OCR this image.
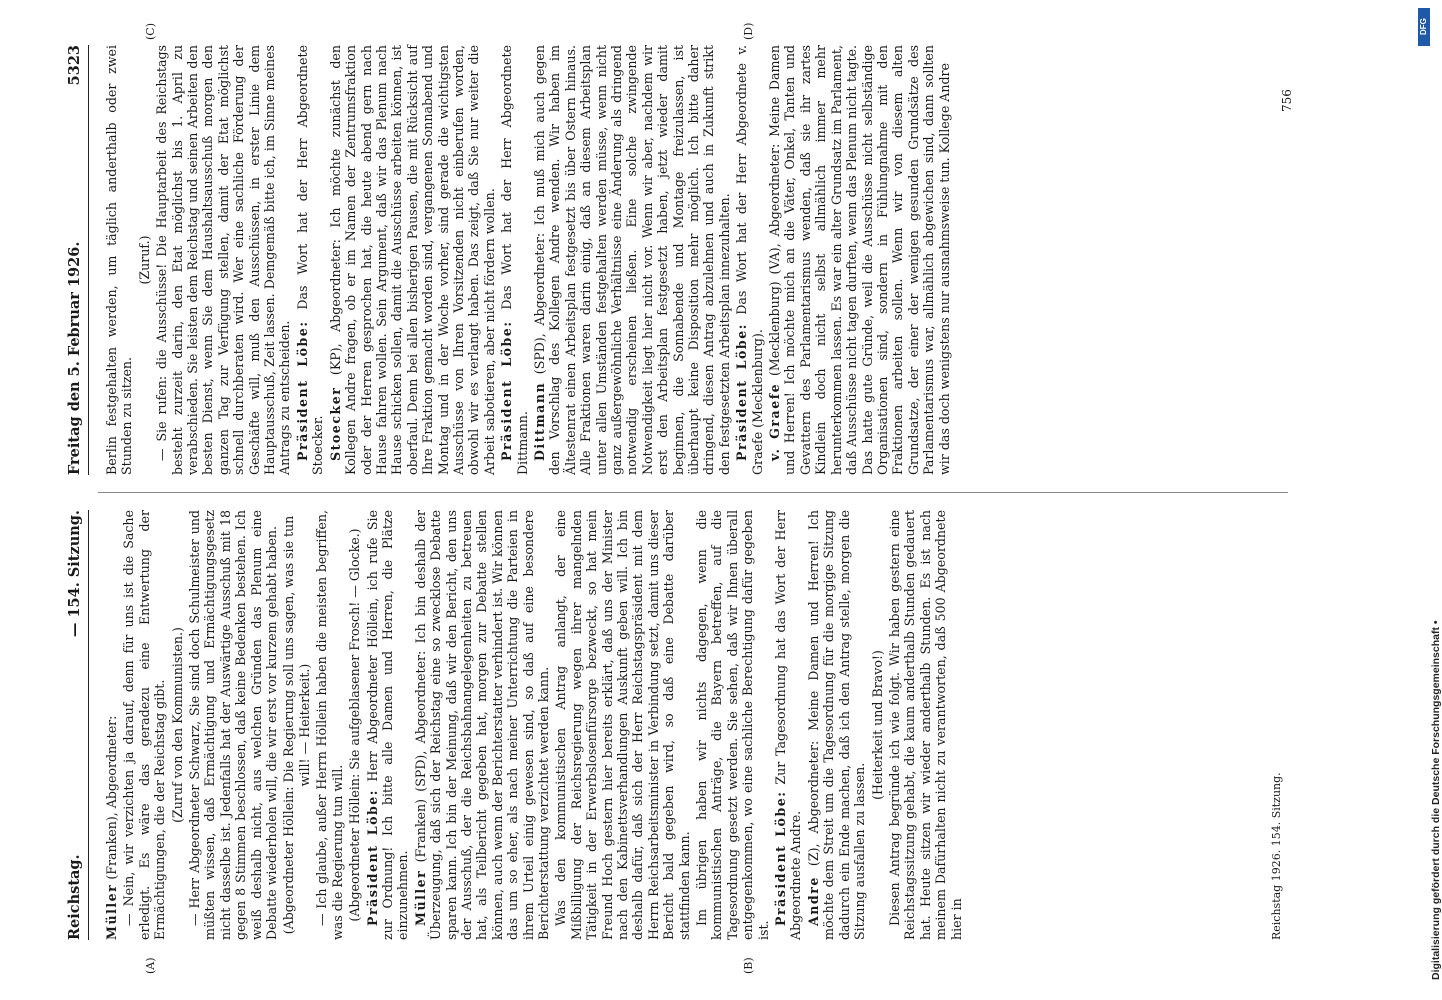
Reichstag.
— 154. Sitzung.
Freitag den 5. Februar 1926.
5323
(A)	(B)
(C)	(D)

Müller (Franken), Abgeordneter: — Nein, wir verzichten ja darauf, denn für uns ist die Sache erledigt. Es wäre das geradezu eine Entwertung der Ermächtigungen, die der Reichstag gibt. (Zuruf von den Kommunisten.) — Herr Abgeordneter Schwarz, Sie sind doch Schulmeister und müßten wissen, daß Ermächtigung und Ermächtigungsgesetz nicht dasselbe ist. Jedenfalls hat der Auswärtige Ausschuß mit 18 gegen 8 Stimmen beschlossen, daß keine Bedenken bestehen. Ich weiß deshalb nicht, aus welchen Gründen das Plenum eine Debatte wiederholen will, die wir erst vor kurzem gehabt haben. (Abgeordneter Höllein: Die Regierung soll uns sagen, was sie tun will! — Heiterkeit.) — Ich glaube, außer Herrn Höllein haben die meisten begriffen, was die Regierung tun will. (Abgeordneter Höllein: Sie aufgeblasener Frosch! — Glocke.) Präsident Löbe: Herr Abgeordneter Höllein, ich rufe Sie zur Ordnung! Ich bitte alle Damen und Herren, die Plätze einzunehmen. Müller (Franken) (SPD), Abgeordneter: Ich bin deshalb der Überzeugung, daß sich der Reichstag eine so zwecklose Debatte sparen kann. Ich bin der Meinung, daß wir den Bericht, den uns der Ausschuß, der die Reichsbahnangelegenheiten zu betreuen hat, als Teilbericht gegeben hat, morgen zur Debatte stellen können, auch wenn der Berichterstatter verhindert ist. Wir können das um so eher, als nach meiner Unterrichtung die Parteien in ihrem Urteil einig gewesen sind, so daß auf eine besondere Berichterstattung verzichtet werden kann. Was den kommunistischen Antrag anlangt, der eine Mißbilligung der Reichsregierung wegen ihrer mangelnden Tätigkeit in der Erwerbslosenfürsorge bezweckt, so hat mein Freund Hoch gestern hier bereits erklärt, daß uns der Minister nach den Kabinettsverhandlungen Auskunft geben will. Ich bin deshalb dafür, daß sich der Herr Reichstagspräsident mit dem Herrn Reichsarbeitsminister in Verbindung setzt, damit uns dieser Bericht bald gegeben wird, so daß eine Debatte darüber stattfinden kann. Im übrigen haben wir nichts dagegen, wenn die kommunistischen Anträge, die Bayern betreffen, auf die Tagesordnung gesetzt werden. Sie sehen, daß wir Ihnen überall entgegenkommen, wo eine sachliche Berechtigung dafür gegeben ist.

Präsident Löbe: Zur Tagesordnung hat das Wort der Herr Abgeordnete Andre. Andre (Z), Abgeordneter: Meine Damen und Herren! Ich möchte dem Streit um die Tagesordnung für die morgige Sitzung dadurch ein Ende machen, daß ich den Antrag stelle, morgen die Sitzung ausfallen zu lassen.

(Heiterkeit und Bravo!) Diesen Antrag begründe ich wie folgt. Wir haben gestern eine Reichstagssitzung gehabt, die kaum anderthalb Stunden gedauert hat. Heute sitzen wir wieder anderthalb Stunden. Es ist nach meinem Dafürhalten nicht zu verantworten, daß 500 Abgeordnete hier in

Berlin festgehalten werden, um täglich anderthalb oder zwei Stunden zu sitzen.

(Zuruf.) — Sie rufen: die Ausschüsse! Die Hauptarbeit des Reichstags besteht zurzeit darin, den Etat möglichst bis 1. April zu verabschieden. Sie leisten dem Reichstag und seinen Arbeiten den besten Dienst, wenn Sie dem Haushaltsausschuß morgen den ganzen Tag zur Verfügung stellen, damit der Etat möglichst schnell durchberaten wird. Wer eine sachliche Förderung der Geschäfte will, muß den Ausschüssen, in erster Linie dem Hauptausschuß, Zeit lassen. Demgemäß bitte ich, im Sinne meines Antrags zu entscheiden. Präsident Löbe: Das Wort hat der Herr Abgeordnete Stoecker. Stoecker (KP), Abgeordneter: Ich möchte zunächst den Kollegen Andre fragen, ob er im Namen der Zentrumsfraktion oder der Herren gesprochen hat, die heute abend gern nach Hause fahren wollen. Sein Argument, daß wir das Plenum nach Hause schicken sollen, damit die Ausschüsse arbeiten können, ist oberfaul. Denn bei allen bisherigen Pausen, die mit Rücksicht auf Ihre Fraktion gemacht worden sind, vergangenen Sonnabend und Montag und in der Woche vorher, sind gerade die wichtigsten Ausschüsse von Ihren Vorsitzenden nicht einberufen worden, obwohl wir es verlangt haben. Das zeigt, daß Sie nur weiter die Arbeit sabotieren, aber nicht fördern wollen. Präsident Löbe: Das Wort hat der Herr Abgeordnete Dittmann. Dittmann (SPD), Abgeordneter: Ich muß mich auch gegen den Vorschlag des Kollegen Andre wenden. Wir haben im Ältestenrat einen Arbeitsplan festgesetzt bis über Ostern hinaus. Alle Fraktionen waren darin einig, daß an diesem Arbeitsplan unter allen Umständen festgehalten werden müsse, wenn nicht ganz außergewöhnliche Verhältnisse eine Änderung als dringend notwendig erscheinen ließen. Eine solche zwingende Notwendigkeit liegt hier nicht vor. Wenn wir aber, nachdem wir erst den Arbeitsplan festgesetzt haben, jetzt wieder damit beginnen, die Sonnabende und Montage freizulassen, ist überhaupt keine Disposition mehr möglich. Ich bitte daher dringend, diesen Antrag abzulehnen und auch in Zukunft strikt den festgesetzten Arbeitsplan innezuhalten. Präsident Löbe: Das Wort hat der Herr Abgeordnete v. Graefe (Mecklenburg). v. Graefe (Mecklenburg) (VA), Abgeordneter: Meine Damen und Herren! Ich möchte mich an die Väter, Onkel, Tanten und Gevattern des Parlamentarismus wenden, daß sie ihr zartes Kindlein doch nicht selbst allmählich immer mehr herunterkommen lassen. Es war ein alter Grundsatz im Parlament, daß Ausschüsse nicht tagen durften, wenn das Plenum nicht tagte. Das hatte gute Gründe, weil die Ausschüsse nicht selbständige Organisationen sind, sondern in Fühlungnahme mit den Fraktionen arbeiten sollen. Wenn wir von diesem alten Grundsatze, der einer der wenigen gesunden Grundsätze des Parlamentarismus war, allmählich abgewichen sind, dann sollten wir das doch wenigstens nur ausnahmsweise tun. Kollege Andre

Reichstag 1926. 154. Sitzung.
756
DFG
Digitalisierung gefördert durch die Deutsche Forschungsgemeinschaft •
